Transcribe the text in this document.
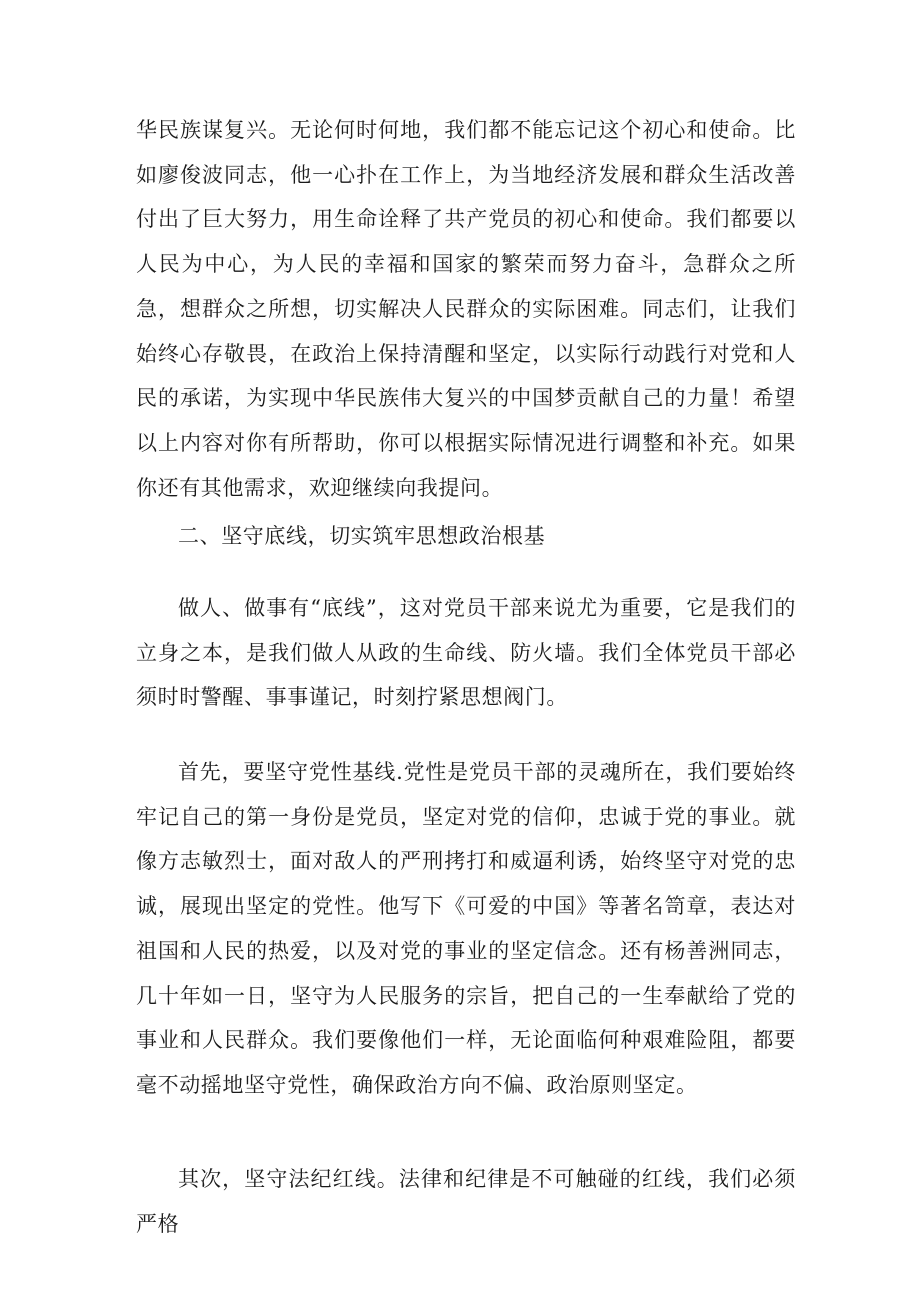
华民族谋复兴。无论何时何地，我们都不能忘记这个初心和使命。比如廖俊波同志，他一心扑在工作上，为当地经济发展和群众生活改善付出了巨大努力，用生命诠释了共产党员的初心和使命。我们都要以人民为中心，为人民的幸福和国家的繁荣而努力奋斗，急群众之所急，想群众之所想，切实解决人民群众的实际困难。同志们，让我们始终心存敬畏，在政治上保持清醒和坚定，以实际行动践行对党和人民的承诺，为实现中华民族伟大复兴的中国梦贡献自己的力量！希望以上内容对你有所帮助，你可以根据实际情况进行调整和补充。如果你还有其他需求，欢迎继续向我提问。

二、坚守底线，切实筑牢思想政治根基

做人、做事有“底线”，这对党员干部来说尤为重要，它是我们的立身之本，是我们做人从政的生命线、防火墙。我们全体党员干部必须时时警醒、事事谨记，时刻拧紧思想阀门。

首先，要坚守党性基线.党性是党员干部的灵魂所在，我们要始终牢记自己的第一身份是党员，坚定对党的信仰，忠诚于党的事业。就像方志敏烈士，面对敌人的严刑拷打和威逼利诱，始终坚守对党的忠诚，展现出坚定的党性。他写下《可爱的中国》等著名笥章，表达对祖国和人民的热爱，以及对党的事业的坚定信念。还有杨善洲同志，几十年如一日，坚守为人民服务的宗旨，把自己的一生奉献给了党的事业和人民群众。我们要像他们一样，无论面临何种艰难险阻，都要毫不动摇地坚守党性，确保政治方向不偏、政治原则坚定。

其次，坚守法纪红线。法律和纪律是不可触碰的红线，我们必须严格
